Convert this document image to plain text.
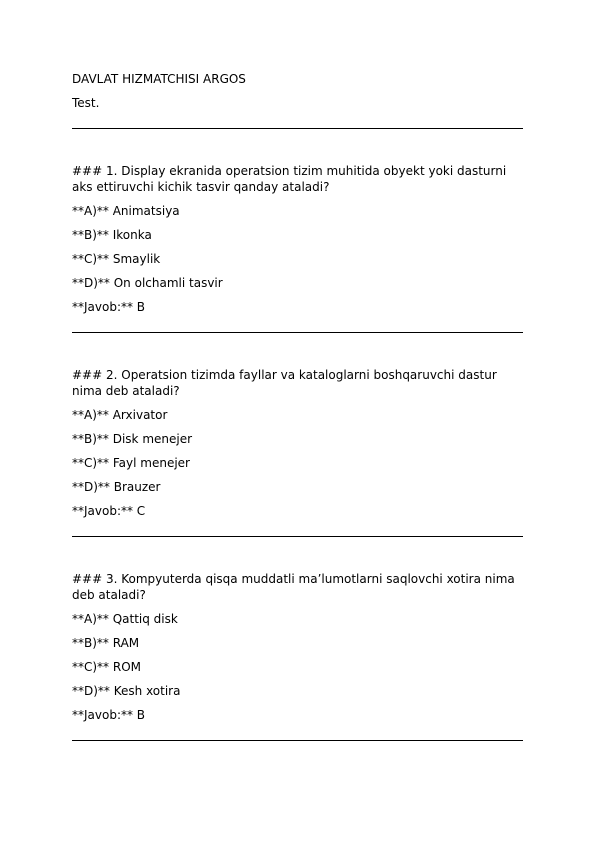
DAVLAT HIZMATCHISI ARGOS

Test.

### 1. Display ekranida operatsion tizim muhitida obyekt yoki dasturni
aks ettiruvchi kichik tasvir qanday ataladi?

**A)** Animatsiya

**B)** Ikonka

**C)** Smaylik

**D)** On olchamli tasvir

**Javob:** B

### 2. Operatsion tizimda fayllar va kataloglarni boshqaruvchi dastur
nima deb ataladi?

**A)** Arxivator

**B)** Disk menejer

**C)** Fayl menejer

**D)** Brauzer

**Javob:** C

### 3. Kompyuterda qisqa muddatli ma’lumotlarni saqlovchi xotira nima
deb ataladi?

**A)** Qattiq disk

**B)** RAM

**C)** ROM

**D)** Kesh xotira

**Javob:** B
